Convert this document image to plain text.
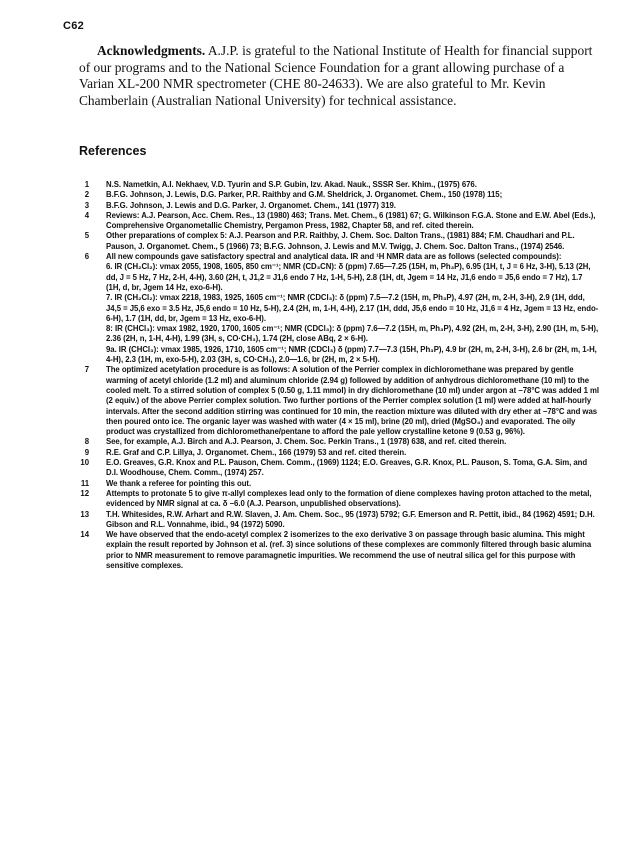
C62
Acknowledgments. A.J.P. is grateful to the National Institute of Health for financial support of our programs and to the National Science Foundation for a grant allowing purchase of a Varian XL-200 NMR spectrometer (CHE 80-24633). We are also grateful to Mr. Kevin Chamberlain (Australian National University) for technical assistance.
References
1 N.S. Nametkin, A.I. Nekhaev, V.D. Tyurin and S.P. Gubin, Izv. Akad. Nauk., SSSR Ser. Khim., (1975) 676.
2 B.F.G. Johnson, J. Lewis, D.G. Parker, P.R. Raithby and G.M. Sheldrick, J. Organomet. Chem., 150 (1978) 115;
3 B.F.G. Johnson, J. Lewis and D.G. Parker, J. Organomet. Chem., 141 (1977) 319.
4 Reviews: A.J. Pearson, Acc. Chem. Res., 13 (1980) 463; Trans. Met. Chem., 6 (1981) 67; G. Wilkinson F.G.A. Stone and E.W. Abel (Eds.), Comprehensive Organometallic Chemistry, Pergamon Press, 1982, Chapter 58, and ref. cited therein.
5 Other preparations of complex 5: A.J. Pearson and P.R. Raithby, J. Chem. Soc. Dalton Trans., (1981) 884; F.M. Chaudhari and P.L. Pauson, J. Organomet. Chem., 5 (1966) 73; B.F.G. Johnson, J. Lewis and M.V. Twigg, J. Chem. Soc. Dalton Trans., (1974) 2546.
6 All new compounds gave satisfactory spectral and analytical data. IR and ¹H NMR data are as follows (selected compounds):
6. IR (CH₂Cl₂): νmax 2055, 1908, 1605, 850 cm⁻¹; NMR (CD₃CN): δ (ppm) 7.65—7.25 (15H, m, Ph₃P), 6.95 (1H, t, J = 6 Hz, 3-H), 5.13 (2H, dd, J = 5 Hz, 7 Hz, 2-H, 4-H), 3.60 (2H, t, J1,2 = J1,6 endo 7 Hz, 1-H, 5-H), 2.8 (1H, dt, Jgem = 14 Hz, J1,6 endo = J5,6 endo = 7 Hz), 1.7 (1H, d, br, Jgem 14 Hz, exo-6-H).
7. IR (CH₂Cl₂): νmax 2218, 1983, 1925, 1605 cm⁻¹; NMR (CDCl₃): δ (ppm) 7.5—7.2 (15H, m, Ph₃P), 4.97 (2H, m, 2-H, 3-H), 2.9 (1H, ddd, J4,5 = J5,6 exo = 3.5 Hz, J5,6 endo = 10 Hz, 5-H), 2.4 (2H, m, 1-H, 4-H), 2.17 (1H, ddd, J5,6 endo = 10 Hz, J1,6 = 4 Hz, Jgem = 13 Hz, endo-6-H), 1.7 (1H, dd, br, Jgem = 13 Hz, exo-6-H).
8: IR (CHCl₃): νmax 1982, 1920, 1700, 1605 cm⁻¹; NMR (CDCl₃): δ (ppm) 7.6—7.2 (15H, m, Ph₃P), 4.92 (2H, m, 2-H, 3-H), 2.90 (1H, m, 5-H), 2.36 (2H, n, 1-H, 4-H), 1.99 (3H, s, CO·CH₃), 1.74 (2H, close ABq, 2 × 6-H).
9a. IR (CHCl₃): νmax 1985, 1926, 1710, 1605 cm⁻¹; NMR (CDCl₃) δ (ppm) 7.7—7.3 (15H, Ph₃P), 4.9 br (2H, m, 2-H, 3-H), 2.6 br (2H, m, 1-H, 4-H), 2.3 (1H, m, exo-5-H), 2.03 (3H, s, CO·CH₃), 2.0—1.6, br (2H, m, 2 × 5-H).
7 The optimized acetylation procedure is as follows: A solution of the Perrier complex in dichloromethane was prepared by gentle warming of acetyl chloride (1.2 ml) and aluminum chloride (2.94 g) followed by addition of anhydrous dichloromethane (10 ml) to the cooled melt. To a stirred solution of complex 5 (0.50 g, 1.11 mmol) in dry dichloromethane (10 ml) under argon at −78°C was added 1 ml (2 equiv.) of the above Perrier complex solution. Two further portions of the Perrier complex solution (1 ml) were added at half-hourly intervals. After the second addition stirring was continued for 10 min, the reaction mixture was diluted with dry ether at −78°C and was then poured onto ice. The organic layer was washed with water (4 × 15 ml), brine (20 ml), dried (MgSO₄) and evaporated. The oily product was crystallized from dichloromethane/pentane to afford the pale yellow crystalline ketone 9 (0.53 g, 96%).
8 See, for example, A.J. Birch and A.J. Pearson, J. Chem. Soc. Perkin Trans., 1 (1978) 638, and ref. cited therein.
9 R.E. Graf and C.P. Lillya, J. Organomet. Chem., 166 (1979) 53 and ref. cited therein.
10 E.O. Greaves, G.R. Knox and P.L. Pauson, Chem. Comm., (1969) 1124; E.O. Greaves, G.R. Knox, P.L. Pauson, S. Toma, G.A. Sim, and D.I. Woodhouse, Chem. Comm., (1974) 257.
11 We thank a referee for pointing this out.
12 Attempts to protonate 5 to give π-allyl complexes lead only to the formation of diene complexes having proton attached to the metal, evidenced by NMR signal at ca. δ −6.0 (A.J. Pearson, unpublished observations).
13 T.H. Whitesides, R.W. Arhart and R.W. Slaven, J. Am. Chem. Soc., 95 (1973) 5792; G.F. Emerson and R. Pettit, ibid., 84 (1962) 4591; D.H. Gibson and R.L. Vonnahme, ibid., 94 (1972) 5090.
14 We have observed that the endo-acetyl complex 2 isomerizes to the exo derivative 3 on passage through basic alumina. This might explain the result reported by Johnson et al. (ref. 3) since solutions of these complexes are commonly filtered through basic alumina prior to NMR measurement to remove paramagnetic impurities. We recommend the use of neutral silica gel for this purpose with sensitive complexes.
